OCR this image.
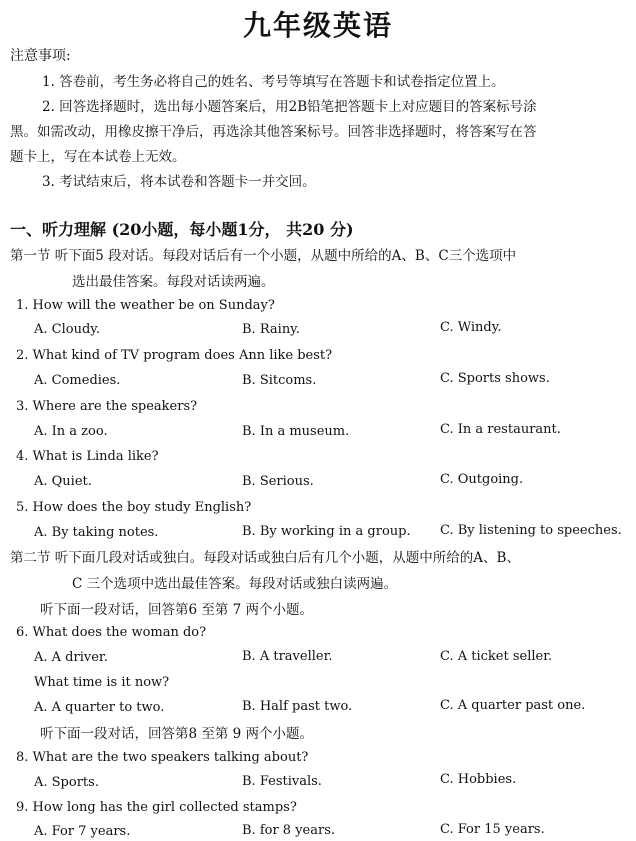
九年级英语
注意事项:
1. 答卷前，考生务必将自己的姓名、考号等填写在答题卡和试卷指定位置上。
2. 回答选择题时，选出每小题答案后，用2B铅笔把答题卡上对应题目的答案标号涂
黑。如需改动，用橡皮擦干净后，再选涂其他答案标号。回答非选择题时，将答案写在答
题卡上，写在本试卷上无效。
3. 考试结束后，将本试卷和答题卡一并交回。
一、听力理解 (20小题，每小题1分， 共20 分)
第一节 听下面5 段对话。每段对话后有一个小题，从题中所给的A、B、C三个选项中
选出最佳答案。每段对话读两遍。
1. How will the weather be on Sunday?
A. Cloudy.	B. Rainy.	C. Windy.
2. What kind of TV program does Ann like best?
A. Comedies.	B. Sitcoms.	C. Sports shows.
3. Where are the speakers?
A. In a zoo.	B. In a museum.	C. In a restaurant.
4. What is Linda like?
A. Quiet.	B. Serious.	C. Outgoing.
5. How does the boy study English?
A. By taking notes.	B. By working in a group. C. By listening to speeches.
第二节 听下面几段对话或独白。每段对话或独白后有几个小题，从题中所给的A、B、
C 三个选项中选出最佳答案。每段对话或独白读两遍。
听下面一段对话，回答第6 至第 7 两个小题。
6. What does the woman do?
A. A driver.	B. A traveller.	C. A ticket seller.
What time is it now?
A. A quarter to two.	B. Half past two.	C. A quarter past one.
听下面一段对话，回答第8 至第 9 两个小题。
8. What are the two speakers talking about?
A. Sports.	B. Festivals.	C. Hobbies.
9. How long has the girl collected stamps?
A. For 7 years.	B. for 8 years.	C. For 15 years.
